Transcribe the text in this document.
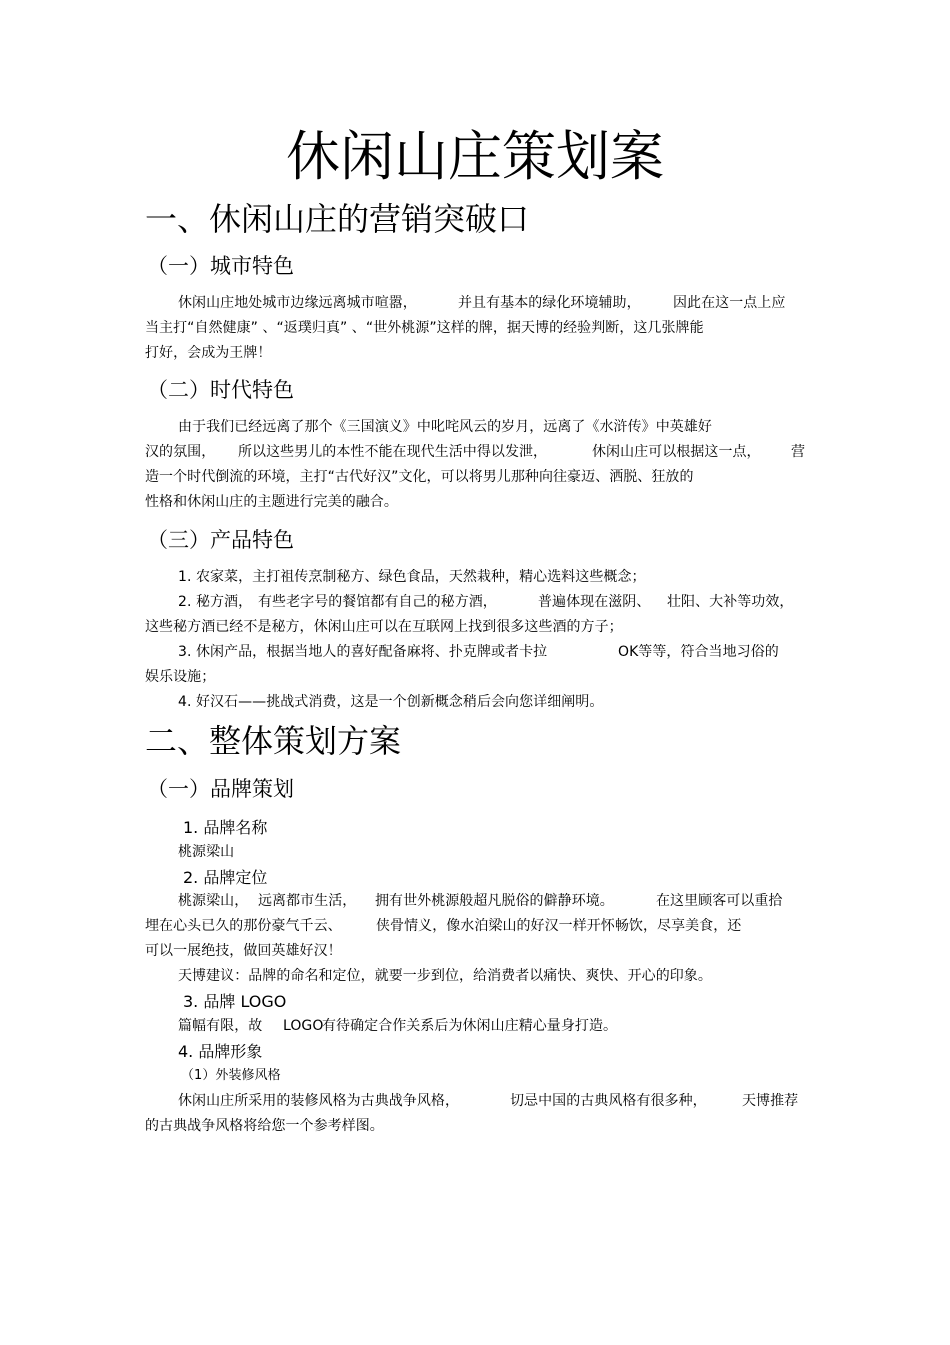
休闲山庄策划案
一、休闲山庄的营销突破口
（一）城市特色

休闲山庄地处城市边缘远离城市喧嚣，	并且有基本的绿化环境辅助， 因此在这一点上应

当主打“自然健康” 、“返璞归真” 、“世外桃源”这样的牌，据天博的经验判断，这几张牌能

打好，会成为王牌！

（二）时代特色

由于我们已经远离了那个《三国演义》中叱咤风云的岁月，远离了《水浒传》中英雄好

汉的氛围， 所以这些男儿的本性不能在现代生活中得以发泄，	休闲山庄可以根据这一点， 营

造一个时代倒流的环境，主打“古代好汉”文化，可以将男儿那种向往豪迈、洒脱、狂放的

性格和休闲山庄的主题进行完美的融合。

（三）产品特色

1. 农家菜，主打祖传烹制秘方、绿色食品，天然栽种，精心选料这些概念；

2. 秘方酒， 有些老字号的餐馆都有自己的秘方酒，	普遍体现在滋阴、 壮阳、大补等功效，

这些秘方酒已经不是秘方，休闲山庄可以在互联网上找到很多这些酒的方子；

3. 休闲产品，根据当地人的喜好配备麻将、扑克牌或者卡拉	OK等等，符合当地习俗的

娱乐设施；

4. 好汉石——挑战式消费，这是一个创新概念稍后会向您详细阐明。

二、整体策划方案
（一）品牌策划

1. 品牌名称

桃源梁山

2. 品牌定位

桃源梁山， 远离都市生活， 拥有世外桃源般超凡脱俗的僻静环境。	在这里顾客可以重拾

埋在心头已久的那份豪气千云、 侠骨情义，像水泊梁山的好汉一样开怀畅饮，尽享美食，还

可以一展绝技，做回英雄好汉！

天博建议：品牌的命名和定位，就要一步到位，给消费者以痛快、爽快、开心的印象。

3. 品牌 LOGO

篇幅有限，故 LOGO

有待确定合作关系后为休闲山庄精心量身打造。

4. 品牌形象

（1）外装修风格

休闲山庄所采用的装修风格为古典战争风格，	切忌中国的古典风格有很多种，	天博推荐

的古典战争风格将给您一个参考样图。
